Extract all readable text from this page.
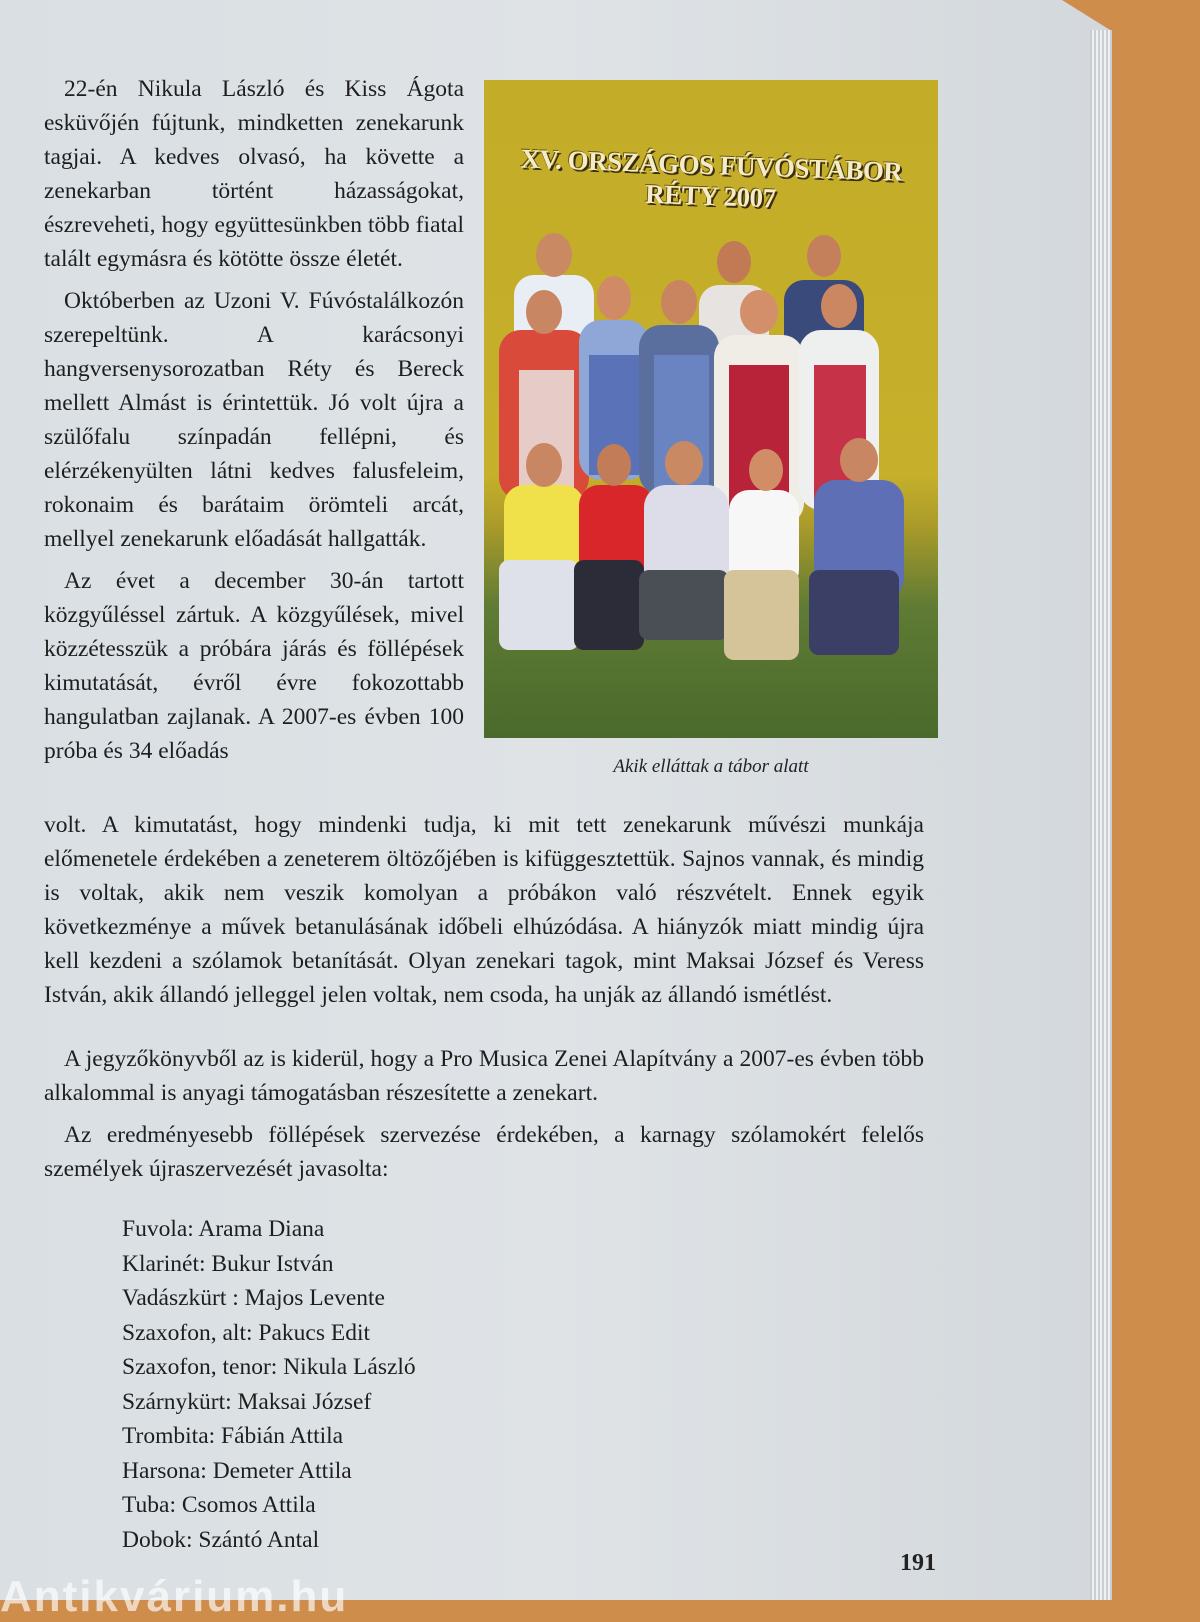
22-én Nikula László és Kiss Ágota esküvőjén fújtunk, mindketten zenekarunk tagjai. A kedves olvasó, ha követte a zenekarban történt házasságokat, észreveheti, hogy együttesünkben több fiatal talált egymásra és kötötte össze életét.

Októberben az Uzoni V. Fúvóstalálkozón szerepeltünk. A karácsonyi hangversenysorozatban Réty és Bereck mellett Almást is érintettük. Jó volt újra a szülőfalu színpadán fellépni, és elérzékenyülten látni kedves falusfeleim, rokonaim és barátaim örömteli arcát, mellyel zenekarunk előadását hallgatták.

Az évet a december 30-án tartott közgyűléssel zártuk. A közgyűlések, mivel közzétesszük a próbára járás és föllépések kimutatását, évről évre fokozottabb hangulatban zajlanak. A 2007-es évben 100 próba és 34 előadás

XV. ORSZÁGOS FÚVÓSTÁBOR RÉTY 2007
Akik elláttak a tábor alatt

volt. A kimutatást, hogy mindenki tudja, ki mit tett zenekarunk művészi munkája előmenetele érdekében a zeneterem öltözőjében is kifüggesztettük. Sajnos vannak, és mindig is voltak, akik nem veszik komolyan a próbákon való részvételt. Ennek egyik következménye a művek betanulásának időbeli elhúzódása. A hiányzók miatt mindig újra kell kezdeni a szólamok betanítását. Olyan zenekari tagok, mint Maksai József és Veress István, akik állandó jelleggel jelen voltak, nem csoda, ha unják az állandó ismétlést.

A jegyzőkönyvből az is kiderül, hogy a Pro Musica Zenei Alapítvány a 2007-es évben több alkalommal is anyagi támogatásban részesítette a zenekart.

Az eredményesebb föllépések szervezése érdekében, a karnagy szólamokért felelős személyek újraszervezését javasolta:

Fuvola: Arama Diana
Klarinét: Bukur István
Vadászkürt : Majos Levente
Szaxofon, alt: Pakucs Edit
Szaxofon, tenor: Nikula László
Szárnykürt: Maksai József
Trombita: Fábián Attila
Harsona: Demeter Attila
Tuba: Csomos Attila
Dobok: Szántó Antal
191
Antikvárium.hu
